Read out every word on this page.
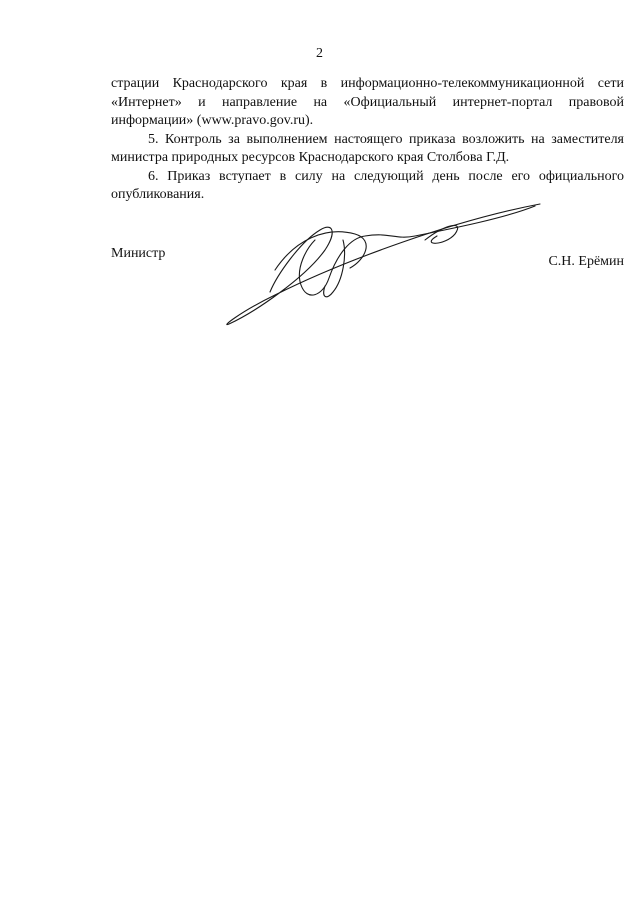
2

страции Краснодарского края в информационно-телекоммуникационной сети «Интернет» и направление на «Официальный интернет-портал правовой информации» (www.pravo.gov.ru).

5. Контроль за выполнением настоящего приказа возложить на заместителя министра природных ресурсов Краснодарского края Столбова Г.Д.

6. Приказ вступает в силу на следующий день после его официального опубликования.

Министр
С.Н. Ерёмин
